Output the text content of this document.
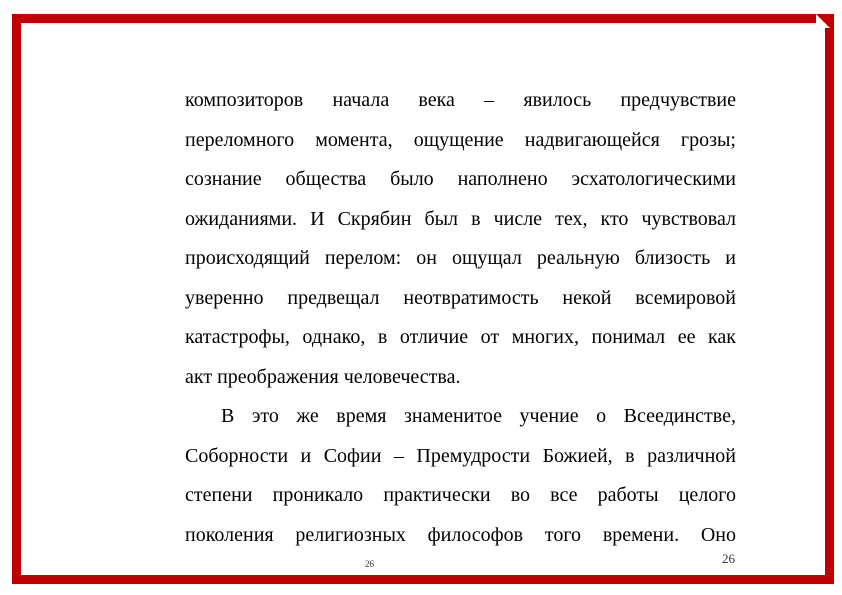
композиторов начала века – явилось предчувствие
переломного момента, ощущение надвигающейся грозы;
сознание общества было наполнено эсхатологическими
ожиданиями. И Скрябин был в числе тех, кто чувствовал
происходящий перелом: он ощущал реальную близость и
уверенно предвещал неотвратимость некой всемировой
катастрофы, однако, в отличие от многих, понимал ее как
акт преображения человечества.
В это же время знаменитое учение о Всеединстве,
Соборности и Софии – Премудрости Божией, в различной
степени проникало практически во все работы целого
поколения религиозных философов того времени. Оно
26	26
